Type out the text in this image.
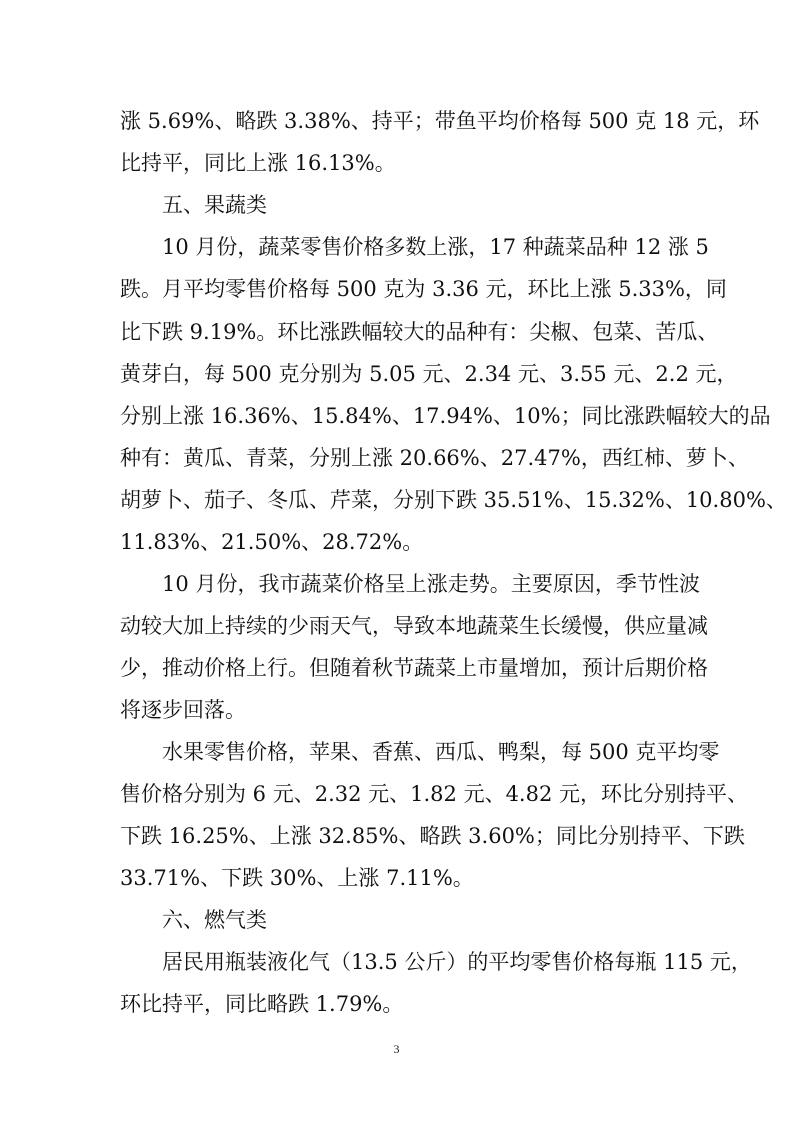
涨 5.69%、略跌 3.38%、持平；带鱼平均价格每 500 克 18 元，环
比持平，同比上涨 16.13%。
五、果蔬类
10 月份，蔬菜零售价格多数上涨，17 种蔬菜品种 12 涨 5
跌。月平均零售价格每 500 克为 3.36 元，环比上涨 5.33%，同
比下跌 9.19%。环比涨跌幅较大的品种有：尖椒、包菜、苦瓜、
黄芽白，每 500 克分别为 5.05 元、2.34 元、3.55 元、2.2 元，
分别上涨 16.36%、15.84%、17.94%、10%；同比涨跌幅较大的品
种有：黄瓜、青菜，分别上涨 20.66%、27.47%，西红柿、萝卜、
胡萝卜、茄子、冬瓜、芹菜，分别下跌 35.51%、15.32%、10.80%、
11.83%、21.50%、28.72%。
10 月份，我市蔬菜价格呈上涨走势。主要原因，季节性波
动较大加上持续的少雨天气，导致本地蔬菜生长缓慢，供应量减
少，推动价格上行。但随着秋节蔬菜上市量增加，预计后期价格
将逐步回落。
水果零售价格，苹果、香蕉、西瓜、鸭梨，每 500 克平均零
售价格分别为 6 元、2.32 元、1.82 元、4.82 元，环比分别持平、
下跌 16.25%、上涨 32.85%、略跌 3.60%；同比分别持平、下跌
33.71%、下跌 30%、上涨 7.11%。
六、燃气类
居民用瓶装液化气（13.5 公斤）的平均零售价格每瓶 115 元，
环比持平，同比略跌 1.79%。
3
